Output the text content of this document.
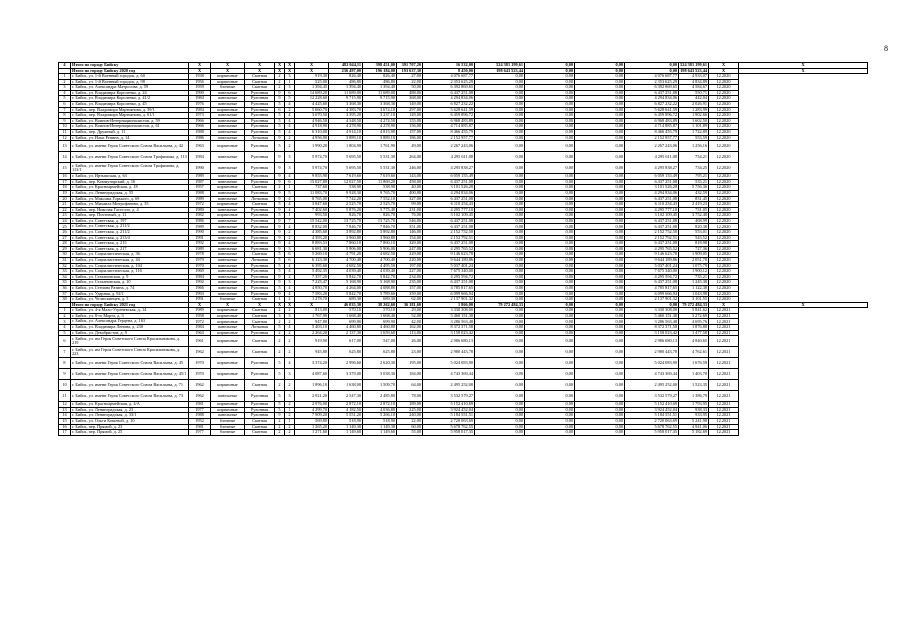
8
4	Итого по городу Бийску	X	X	X	X	X	X	482 044,11	398 451,00	391 707,20	16 532,00	524 381 199,61	0,00	0,00	0,00	524 381 199,61	X	X
	Итого по городу Бийску 2020 год	X	X	X	X	X	X	236 497,00	196 184,00	193 637,30	8 450,00	198 643 523,44	0,00	0,00	0,00	198 643 523,44	X	X
1	г. Бийск, ул. 1-й Военный городок, д. 60	1938	кирпичные	Скатная	2	3	919,30	826,40	826,40	27,00	4 076 687,77	0,00	0,00	0,00	4 076 687,77	4 933,07	12.2020	
2	г. Бийск, ул. 1-й Военный городок, д. 98	1956	кирпичные	Скатная	2	1	525,00	486,80	486,80	22,00	2 353 625,29	0,00	0,00	0,00	2 353 625,29	4 834,89	12.2020	
3	г. Бийск, ул. Александра Матросова, д. 59	1959	блочные	Скатная	2	3	1 394,45	1 394,40	1 394,40	50,00	6 392 869,65	0,00	0,00	0,00	6 392 869,65	4 584,67	12.2020	
4	г. Бийск, ул. Владимира Короленко, д. 24	1990	панельные	Рулонная	9	6	14 689,20	11 689,00	11 689,00	488,00	6 437 251,08	0,00	0,00	0,00	6 437 251,08	550,71	12.2020	
5	г. Бийск, ул. Владимира Короленко, д. 41/2	1984	панельные	Рулонная	9	5	12 228,60	9 715,90	9 715,90	368,00	4 294 834,06	0,00	0,00	0,00	4 294 834,06	442,04	12.2020	
6	г. Бийск, ул. Владимира Короленко, д. 45	1976	панельные	Рулонная	5	4	4 425,60	3 368,30	3 368,30	149,00	6 827 232,22	0,00	0,00	0,00	6 827 232,22	2 026,91	12.2020	
7	г. Бийск, пер. Владимира Мартьянова, д. 39/1	1984	кирпичные	Рулонная	6	2	5 660,70	4 383,70	3 674,10	297,00	5 628 641,59	0,00	0,00	0,00	5 628 641,59	1 283,99	12.2020	
8	г. Бийск, пер. Владимира Мартьянова, д. 61/1	1973	панельные	Рулонная	5	4	3 670,50	3 395,20	3 237,10	149,00	6 459 896,72	0,00	0,00	0,00	6 459 896,72	1 902,66	12.2020	
9	г. Бийск, ул. Воинов-Интернационалистов, д. 59	1966	панельные	Рулонная	5	4	4 946,50	4 348,50	4 274,50	155,00	6 968 483,89	0,00	0,00	0,00	6 968 483,89	1 602,50	12.2020	
10	г. Бийск, ул. Воинов-Интернационалистов, д. 61	1966	панельные	Рулонная	5	4	4 918,90	4 278,90	4 278,90	156,00	4 714 885,87	0,00	0,00	0,00	4 714 885,87	1 101,89	12.2020	
11	г. Бийск, пер. Дружный, д. 11	1988	панельные	Рулонная	5	4	6 310,00	4 914,10	4 815,90	157,00	8 466 455,79	0,00	0,00	0,00	8 466 455,79	1 722,89	12.2020	
12	г. Бийск, ул. Ильи Репина, д. 14	1986	панельные	Лотковая	9	2	4 956,90	3 889,10	3 889,10	186,00	2 152 957,77	0,00	0,00	0,00	2 152 957,77	553,59	12.2020	
13	г. Бийск, ул. имени Героя Советского Союза Васильева, д. 42	1963	кирпичные	Рулонная	5	2	1 990,20	1 804,90	1 761,90	49,00	2 267 243,06	0,00	0,00	0,00	2 267 243,06	1 256,16	12.2020	
14	г. Бийск, ул. имени Героя Советского Союза Трофимова, д. 113	1984	панельные	Рулонная	9	3	5 974,70	5 695,50	5 531,30	264,00	4 295 611,08	0,00	0,00	0,00	4 295 611,08	754,21	12.2020	
15	г. Бийск, ул. имени Героя Советского Союза Трофимова, д. 113/1	1990	панельные	Рулонная	9	3	5 974,70	5 695,50	5 531,30	246,00	4 295 838,27	0,00	0,00	0,00	4 295 838,27	754,25	12.2020	
16	г. Бийск, ул. Иртышская, д. 63	1989	панельные	Рулонная	9	4	9 855,90	7 619,60	7 619,60	143,00	6 059 155,49	0,00	0,00	0,00	6 059 155,49	795,21	12.2020	
17	г. Бийск, пер. Коммунарский, д. 16	1987	панельные	Рулонная	9	6	15 027,80	12 027,50	11 869,20	458,00	6 437 251,08	0,00	0,00	0,00	6 437 251,08	535,21	12.2020	
18	г. Бийск, ул. Красноармейская, д. 18	1957	кирпичные	Скатная	2	1	737,60	538,90	538,90	40,00	3 101 526,28	0,00	0,00	0,00	3 101 526,28	5 756,36	12.2020	
19	г. Бийск, ул. Ленинградская, д. 55	1988	панельные	Рулонная	9	5	11 083,70	9 928,30	9 765,70	400,00	4 294 834,06	0,00	0,00	0,00	4 294 834,06	432,59	12.2020	
20	г. Бийск, ул. Максима Горького, д. 69	1989	панельные	Лотковая	9	4	8 765,00	7 742,20	7 552,10	327,00	6 437 251,08	0,00	0,00	0,00	6 437 251,08	831,45	12.2020	
21	г. Бийск, ул. Михаила Митрофанова, д. 35	1972	кирпичные	Скатная	5	4	3 847,60	2 525,70	2 525,70	99,00	6 110 254,43	0,00	0,00	0,00	6 110 254,43	2 419,23	12.2020	
22	г. Бийск, пер. Николая Гастелло, д. 4	1989	панельные	Рулонная	9	4	7 402,60	5 876,20	5 775,40	231,00	4 295 777,10	0,00	0,00	0,00	4 295 777,10	731,05	12.2020	
23	г. Бийск, пер. Почтовый, д. 11	1982	кирпичные	Рулонная	5	1	993,50	826,70	826,70	76,00	3 102 109,45	0,00	0,00	0,00	3 102 109,45	3 752,40	12.2020	
24	г. Бийск, ул. Советская, д. 197	1986	панельные	Рулонная	9	7	15 542,00	13 725,70	13 725,70	546,00	6 437 251,08	0,00	0,00	0,00	6 437 251,08	468,99	12.2020	
25	г. Бийск, ул. Советская, д. 211/2	1989	панельные	Рулонная	9	4	8 832,00	7 846,70	7 846,70	351,00	6 437 251,08	0,00	0,00	0,00	6 437 251,08	820,38	12.2020	
26	г. Бийск, ул. Советская, д. 211/2	1990	панельные	Рулонная	9	2	4 385,60	3 892,80	3 892,80	146,00	2 152 752,50	0,00	0,00	0,00	2 152 752,50	553,01	12.2020	
27	г. Бийск, ул. Советская, д. 213/4	1991	панельные	Рулонная	9	2	4 393,20	3 960,80	3 960,80	154,00	2 152 792,51	0,00	0,00	0,00	2 152 792,51	543,52	12.2020	
28	г. Бийск, ул. Советская, д. 215	1992	панельные	Рулонная	9	4	8 883,53	7 860,10	7 860,10	329,00	6 437 251,08	0,00	0,00	0,00	6 437 251,08	818,98	12.2020	
29	г. Бийск, ул. Советская, д. 217	1989	панельные	Рулонная	9	3	6 681,30	5 906,00	5 906,00	247,00	4 295 765,52	0,00	0,00	0,00	4 295 765,52	727,36	12.2020	
30	г. Бийск, ул. Социалистическая, д. 36	1978	панельные	Скатная	5	6	5 269,10	4 791,20	4 682,50	229,00	9 146 623,78	0,00	0,00	0,00	9 146 623,78	1 909,05	12.2020	
31	г. Бийск, ул. Социалистическая, д. 44	1979	панельные	Лотковая	5	6	6 123,30	4 700,40	4 700,40	220,00	9 644 189,86	0,00	0,00	0,00	9 644 189,86	2 051,78	12.2020	
32	г. Бийск, ул. Социалистическая, д. 104	1970	панельные	Рулонная	5	4	6 395,60	4 682,50	4 495,50	197,00	5 037 401,24	0,00	0,00	0,00	5 037 401,24	1 075,79	12.2020	
33	г. Бийск, ул. Социалистическая, д. 116	1969	панельные	Рулонная	5	4	5 492,35	4 039,40	4 039,40	227,00	7 675 340,00	0,00	0,00	0,00	7 675 340,00	1 900,12	12.2020	
34	г. Бийск, ул. Стахановская, д. 9	1984	панельные	Рулонная	9	2	7 357,20	5 842,70	5 842,70	234,00	4 295 594,72	0,00	0,00	0,00	4 295 594,72	735,21	12.2020	
35	г. Бийск, ул. Стахановская, д. 10	1992	панельные	Рулонная	9	3	7 225,47	5 168,90	5 168,90	235,00	6 437 251,08	0,00	0,00	0,00	6 437 251,08	1 245,38	12.2020	
36	г. Бийск, ул. Степана Разина, д. 74	1966	панельные	Рулонная	5	4	4 950,70	4 264,00	4 088,80	157,00	4 785 817,65	0,00	0,00	0,00	4 785 817,65	1 122,38	12.2020	
37	г. Бийск, ул. Ударная, д. 92/1	1993	панельные	Рулонная	9	4	7 583,20	5 842,70	5 789,60	359,00	6 099 666,94	0,00	0,00	0,00	6 099 666,94	1 043,98	12.2020	
38	г. Бийск, ул. Челюскинцев, д. 5	1991	блочные	Скатная	1	2	1 278,70	689,30	689,30	62,00	2 137 901,32	0,00	0,00	0,00	2 137 901,32	3 101,55	12.2020	
	Итого по городу Бийску 2021 год	X	X	X	X	X	X	46 035,30	38 262,60	36 181,60	1 866,00	79 272 484,33	0,00	0,00	0,00	79 272 484,33	X	X
1	г. Бийск, ул. 4-я Мало-Угреневская, д. 14	1989	кирпичные	Скатная	2	2	813,00	570,10	570,10	29,00	3 330 308,00	0,00	0,00	0,00	3 330 308,00	5 841,62	12.2021	
2	г. Бийск, ул. 8-го Марта, д. 3	1958	кирпичные	Скатная	3	3	1 767,90	1 668,40	1 668,40	52,00	5 460 151,38	0,00	0,00	0,00	5 460 151,38	3 272,69	12.2021	
3	г. Бийск, ул. Александра Герцена, д. 163	1972	кирпичные	Скатная	2	2	947,80	699,90	699,90	42,00	3 286 563,48	0,00	0,00	0,00	3 286 563,48	4 695,76	12.2021	
4	г. Бийск, ул. Владимира Ленина, д. 230	1984	панельные	Лотковая	5	4	5 403,10	4 460,80	4 460,80	162,00	8 372 371,58	0,00	0,00	0,00	8 372 371,58	1 876,88	12.2021	
5	г. Бийск, ул. Декабристов, д. 9	1964	кирпичные	Рулонная	2	2	2 264,20	2 137,30	1 659,60	113,00	3 158 023,42	0,00	0,00	0,00	3 158 023,42	1 477,58	12.2021	
6	г. Бийск, ул. им Героя Советского Союза Красильникова, д. 219	1961	кирпичные	Скатная	2	2	919,90	617,00	547,00	26,00	2 986 680,13	0,00	0,00	0,00	2 986 680,13	4 840,65	12.2021	
7	г. Бийск, ул. им Героя Советского Союза Красильникова, д. 223	1962	кирпичные	Скатная	2	2	945,80	625,80	625,80	23,00	2 980 443,78	0,00	0,00	0,00	2 980 443,78	4 762,61	12.2021	
8	г. Бийск, ул. имени Героя Советского Союза Васильева, д. 45	1970	кирпичные	Рулонная	5	4	3 374,20	2 996,60	2 620,30	195,00	5 024 083,90	0,00	0,00	0,00	5 024 083,90	1 676,59	12.2021	
9	г. Бийск, ул. имени Героя Советского Союза Васильева, д. 45/1	1970	кирпичные	Рулонная	5	3	4 087,60	3 379,00	3 038,30	184,00	4 743 369,44	0,00	0,00	0,00	4 743 369,44	1 403,78	12.2021	
10	г. Бийск, ул. имени Героя Советского Союза Васильева, д. 71	1962	кирпичные	Скатная	2	2	1 896,10	1 638,00	1 509,70	64,00	2 495 252,00	0,00	0,00	0,00	2 495 252,00	1 523,35	12.2021	
11	г. Бийск, ул. имени Героя Советского Союза Васильева, д. 73	1962	панельные	Рулонная	5	3	2 921,20	2 547,30	2 485,80	78,00	3 532 579,27	0,00	0,00	0,00	3 532 579,27	1 386,79	12.2021	
12	г. Бийск, ул. Красноармейская, д. 4/А	1981	кирпичные	Рулонная	5	2	2 976,00	2 872,10	2 872,10	189,00	5 152 410,69	0,00	0,00	0,00	5 152 410,69	1 793,95	12.2021	
13	г. Бийск, ул. Ленинградская, д. 23	1977	кирпичные	Рулонная	5	1	4 299,70	4 182,50	4 036,80	225,00	3 924 452,04	0,00	0,00	0,00	3 924 452,04	938,33	12.2021	
14	г. Бийск, ул. Ленинградская, д. 33/1	1988	панельные	Рулонная	9	2	7 909,20	5 551,20	5 266,10	240,00	5 184 551,51	0,00	0,00	0,00	5 184 551,51	933,95	12.2021	
15	г. Бийск, ул. Ольги Кошевой, д. 10	1952	блочные	Скатная	2	1	569,80	518,90	518,90	22,00	2 720 063,69	0,00	0,00	0,00	2 720 063,69	5 241,98	12.2021	
16	г. Бийск, пер. Прямой, д. 23	1981	блочные	Скатная	2	2	1 265,20	1 149,30	1 149,30	60,00	5 678 762,55	0,00	0,00	0,00	5 678 762,55	4 941,06	12.2021	
17	г. Бийск, пер. Прямой, д. 25	1977	блочные	Скатная	2	2	1 271,60	1 149,60	1 149,60	55,00	5 958 017,35	0,00	0,00	0,00	5 958 017,35	5 182,69	12.2021	
